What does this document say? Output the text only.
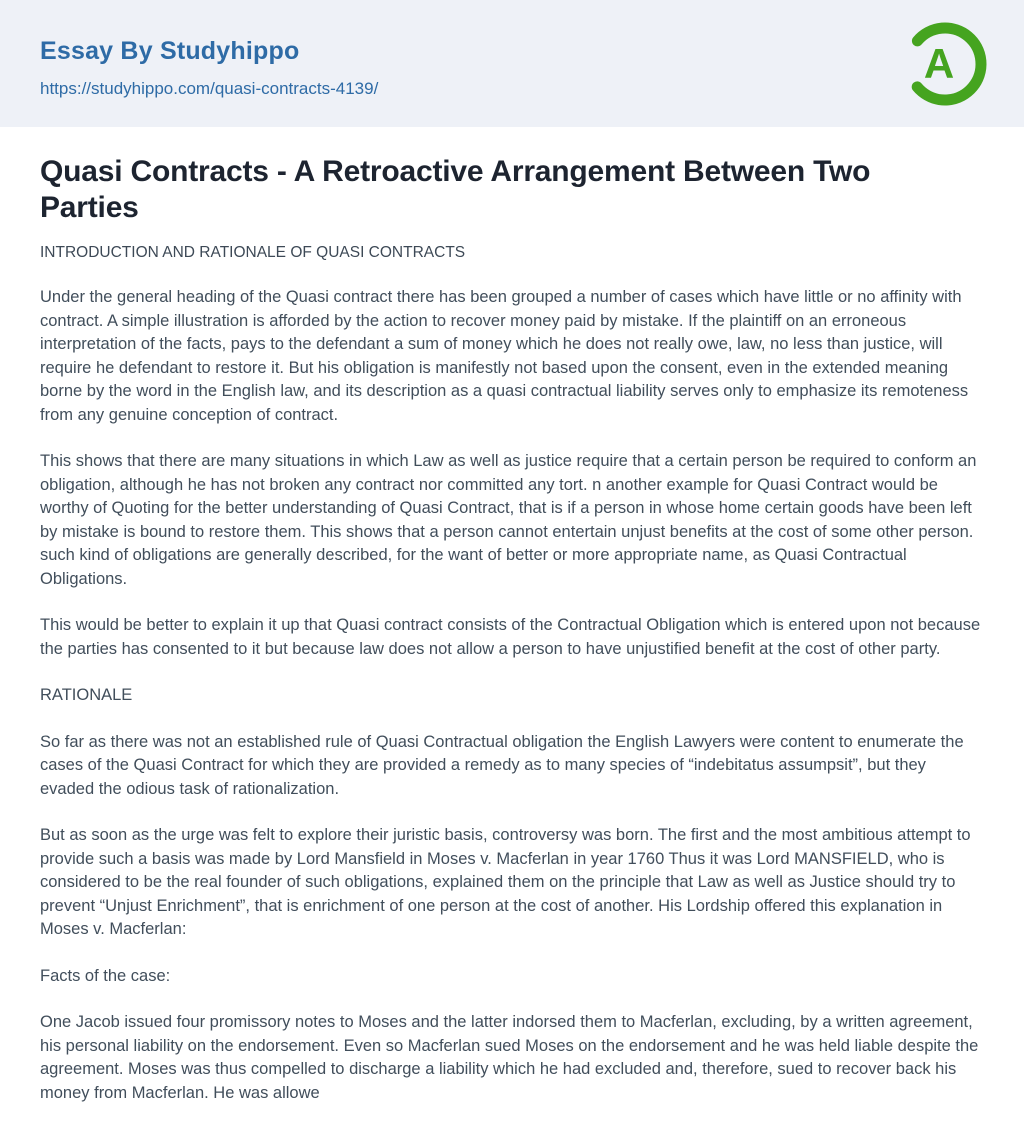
Essay By Studyhippo
https://studyhippo.com/quasi-contracts-4139/
A
Quasi Contracts - A Retroactive Arrangement Between Two Parties
INTRODUCTION AND RATIONALE OF QUASI CONTRACTS

Under the general heading of the Quasi contract there has been grouped a number of cases which have little or no affinity with contract. A simple illustration is afforded by the action to recover money paid by mistake. If the plaintiff on an erroneous interpretation of the facts, pays to the defendant a sum of money which he does not really owe, law, no less than justice, will require he defendant to restore it. But his obligation is manifestly not based upon the consent, even in the extended meaning borne by the word in the English law, and its description as a quasi contractual liability serves only to emphasize its remoteness from any genuine conception of contract.

This shows that there are many situations in which Law as well as justice require that a certain person be required to conform an obligation, although he has not broken any contract nor committed any tort. n another example for Quasi Contract would be worthy of Quoting for the better understanding of Quasi Contract, that is if a person in whose home certain goods have been left by mistake is bound to restore them. This shows that a person cannot entertain unjust benefits at the cost of some other person. such kind of obligations are generally described, for the want of better or more appropriate name, as Quasi Contractual Obligations.

This would be better to explain it up that Quasi contract consists of the Contractual Obligation which is entered upon not because the parties has consented to it but because law does not allow a person to have unjustified benefit at the cost of other party.

RATIONALE

So far as there was not an established rule of Quasi Contractual obligation the English Lawyers were content to enumerate the cases of the Quasi Contract for which they are provided a remedy as to many species of “indebitatus assumpsit”, but they evaded the odious task of rationalization.

But as soon as the urge was felt to explore their juristic basis, controversy was born. The first and the most ambitious attempt to provide such a basis was made by Lord Mansfield in Moses v. Macferlan in year 1760 Thus it was Lord MANSFIELD, who is considered to be the real founder of such obligations, explained them on the principle that Law as well as Justice should try to prevent “Unjust Enrichment”, that is enrichment of one person at the cost of another. His Lordship offered this explanation in Moses v. Macferlan:

Facts of the case:

One Jacob issued four promissory notes to Moses and the latter indorsed them to Macferlan, excluding, by a written agreement, his personal liability on the endorsement. Even so Macferlan sued Moses on the endorsement and he was held liable despite the agreement. Moses was thus compelled to discharge a liability which he had excluded and, therefore, sued to recover back his money from Macferlan. He was allowe
